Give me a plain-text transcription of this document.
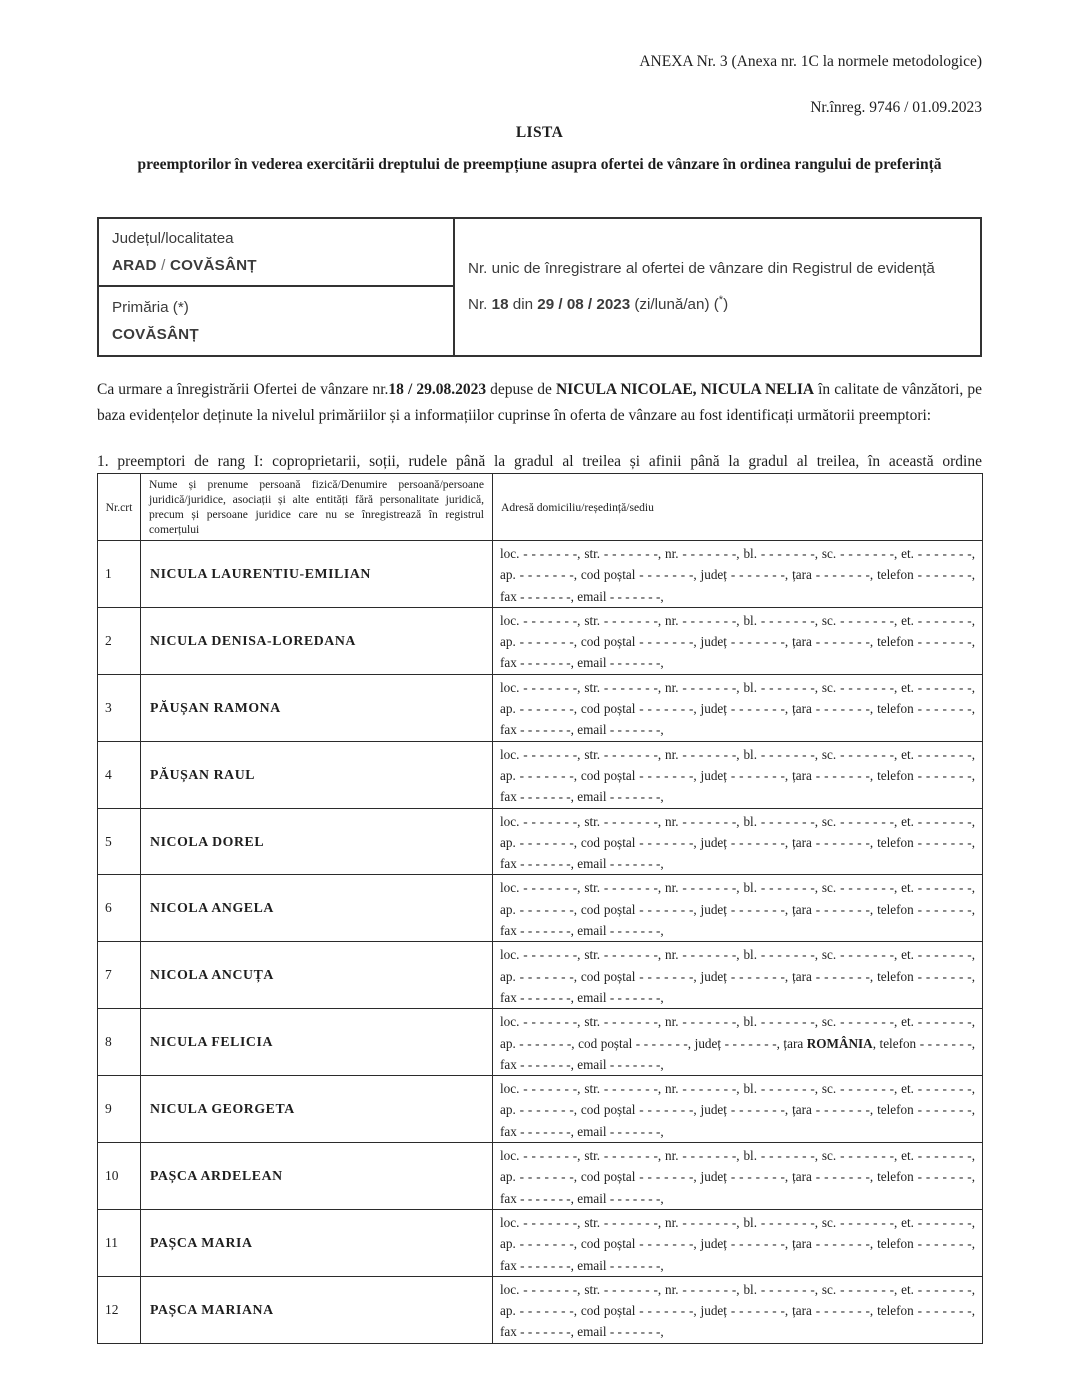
ANEXA Nr. 3 (Anexa nr. 1C la normele metodologice)
Nr.înreg. 9746 / 01.09.2023
LISTA
preemptorilor în vederea exercitării dreptului de preempțiune asupra ofertei de vânzare în ordinea rangului de preferință
Județul/localitatea
ARAD / COVĂSÂNȚ	Nr. unic de înregistrare al ofertei de vânzare din Registrul de evidență

Nr. 18 din 29 / 08 / 2023 (zi/lună/an) (*)

Primăria (*)
COVĂSÂNȚ

Ca urmare a înregistrării Ofertei de vânzare nr.18 / 29.08.2023 depuse de NICULA NICOLAE, NICULA NELIA în calitate de vânzători, pe baza evidențelor deținute la nivelul primăriilor și a informațiilor cuprinse în oferta de vânzare au fost identificați următorii preemptori:

1. preemptori de rang I: coproprietarii, soții, rudele până la gradul al treilea și afinii până la gradul al treilea, în această ordine

Nr.crt	Nume și prenume persoană fizică/Denumire persoană/persoane juridică/juridice, asociații și alte entități fără personalitate juridică, precum și persoane juridice care nu se înregistrează în registrul comerțului	Adresă domiciliu/reședință/sediu
1	NICULA LAURENTIU-EMILIAN	loc. - - - - - - -, str. - - - - - - -, nr. - - - - - - -, bl. - - - - - - -, sc. - - - - - - -, et. - - - - - - -,
ap. - - - - - - -, cod poștal - - - - - - -, județ - - - - - - -, țara - - - - - - -, telefon - - - - - - -,
fax - - - - - - -, email - - - - - - -,

2	NICULA DENISA-LOREDANA	loc. - - - - - - -, str. - - - - - - -, nr. - - - - - - -, bl. - - - - - - -, sc. - - - - - - -, et. - - - - - - -,
ap. - - - - - - -, cod poștal - - - - - - -, județ - - - - - - -, țara - - - - - - -, telefon - - - - - - -,
fax - - - - - - -, email - - - - - - -,

3	PĂUȘAN RAMONA	loc. - - - - - - -, str. - - - - - - -, nr. - - - - - - -, bl. - - - - - - -, sc. - - - - - - -, et. - - - - - - -,
ap. - - - - - - -, cod poștal - - - - - - -, județ - - - - - - -, țara - - - - - - -, telefon - - - - - - -,
fax - - - - - - -, email - - - - - - -,

4	PĂUȘAN RAUL	loc. - - - - - - -, str. - - - - - - -, nr. - - - - - - -, bl. - - - - - - -, sc. - - - - - - -, et. - - - - - - -,
ap. - - - - - - -, cod poștal - - - - - - -, județ - - - - - - -, țara - - - - - - -, telefon - - - - - - -,
fax - - - - - - -, email - - - - - - -,

5	NICOLA DOREL	loc. - - - - - - -, str. - - - - - - -, nr. - - - - - - -, bl. - - - - - - -, sc. - - - - - - -, et. - - - - - - -,
ap. - - - - - - -, cod poștal - - - - - - -, județ - - - - - - -, țara - - - - - - -, telefon - - - - - - -,
fax - - - - - - -, email - - - - - - -,

6	NICOLA ANGELA	loc. - - - - - - -, str. - - - - - - -, nr. - - - - - - -, bl. - - - - - - -, sc. - - - - - - -, et. - - - - - - -,
ap. - - - - - - -, cod poștal - - - - - - -, județ - - - - - - -, țara - - - - - - -, telefon - - - - - - -,
fax - - - - - - -, email - - - - - - -,

7	NICOLA ANCUȚA	loc. - - - - - - -, str. - - - - - - -, nr. - - - - - - -, bl. - - - - - - -, sc. - - - - - - -, et. - - - - - - -,
ap. - - - - - - -, cod poștal - - - - - - -, județ - - - - - - -, țara - - - - - - -, telefon - - - - - - -,
fax - - - - - - -, email - - - - - - -,

8	NICULA FELICIA	loc. - - - - - - -, str. - - - - - - -, nr. - - - - - - -, bl. - - - - - - -, sc. - - - - - - -, et. - - - - - - -,
ap. - - - - - - -, cod poștal - - - - - - -, județ - - - - - - -, țara ROMÂNIA, telefon - - - - - - -,
fax - - - - - - -, email - - - - - - -,

9	NICULA GEORGETA	loc. - - - - - - -, str. - - - - - - -, nr. - - - - - - -, bl. - - - - - - -, sc. - - - - - - -, et. - - - - - - -,
ap. - - - - - - -, cod poștal - - - - - - -, județ - - - - - - -, țara - - - - - - -, telefon - - - - - - -,
fax - - - - - - -, email - - - - - - -,

10	PAȘCA ARDELEAN	loc. - - - - - - -, str. - - - - - - -, nr. - - - - - - -, bl. - - - - - - -, sc. - - - - - - -, et. - - - - - - -,
ap. - - - - - - -, cod poștal - - - - - - -, județ - - - - - - -, țara - - - - - - -, telefon - - - - - - -,
fax - - - - - - -, email - - - - - - -,

11	PAȘCA MARIA	loc. - - - - - - -, str. - - - - - - -, nr. - - - - - - -, bl. - - - - - - -, sc. - - - - - - -, et. - - - - - - -,
ap. - - - - - - -, cod poștal - - - - - - -, județ - - - - - - -, țara - - - - - - -, telefon - - - - - - -,
fax - - - - - - -, email - - - - - - -,

12	PAȘCA MARIANA	loc. - - - - - - -, str. - - - - - - -, nr. - - - - - - -, bl. - - - - - - -, sc. - - - - - - -, et. - - - - - - -,
ap. - - - - - - -, cod poștal - - - - - - -, județ - - - - - - -, țara - - - - - - -, telefon - - - - - - -,
fax - - - - - - -, email - - - - - - -,
